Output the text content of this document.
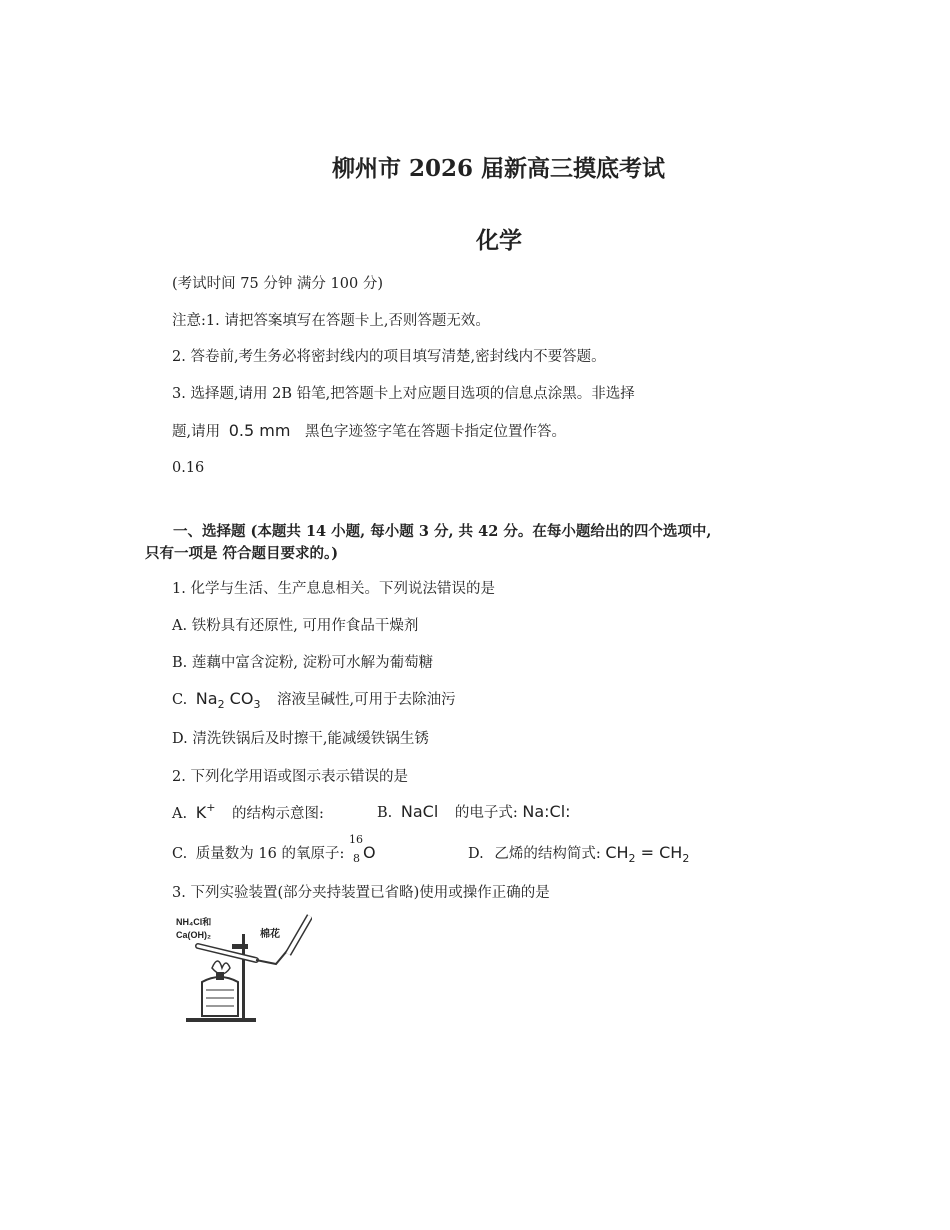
柳州市 2026 届新高三摸底考试
化学
(考试时间 75 分钟 满分 100 分)
注意:1. 请把答案填写在答题卡上,否则答题无效。
2. 答卷前,考生务必将密封线内的项目填写清楚,密封线内不要答题。
3. 选择题,请用 2B 铅笔,把答题卡上对应题目选项的信息点涂黑。非选择
题,请用 0.5 mm 黑色字迹签字笔在答题卡指定位置作答。
0.16
一、选择题 (本题共 14 小题, 每小题 3 分, 共 42 分。在每小题给出的四个选项中,
只有一项是 符合题目要求的。)
1. 化学与生活、生产息息相关。下列说法错误的是
A. 铁粉具有还原性, 可用作食品干燥剂
B. 莲藕中富含淀粉, 淀粉可水解为葡萄糖
C. $Na_2$ $CO_3$ 溶液呈碱性,可用于去除油污
D. 清洗铁锅后及时擦干,能减缓铁锅生锈
2. 下列化学用语或图示表示错误的是
A. K+ 的结构示意图:	B. NaCl 的电子式: Na:Cl:
C. 质量数为 16 的氧原子:
16
8 O	D. 乙烯的结构简式: $CH_2 = CH_2$
3. 下列实验装置(部分夹持装置已省略)使用或操作正确的是
NH₄Cl和
Ca(OH)₂	棉花
